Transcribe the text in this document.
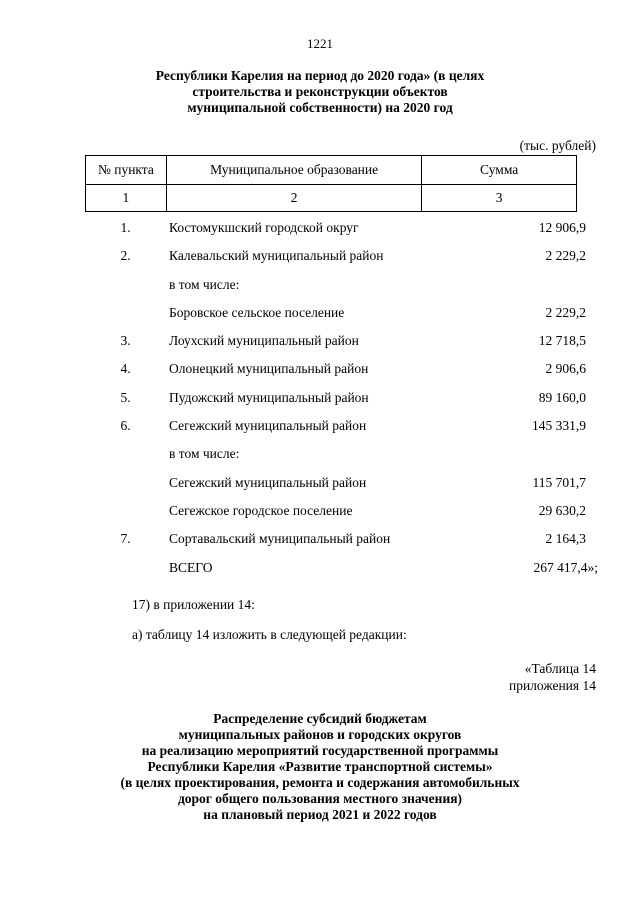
1221
Республики Карелия на период до 2020 года» (в целях
строительства и реконструкции объектов
муниципальной собственности) на 2020 год
(тыс. рублей)
№ пункта	Муниципальное образование	Сумма
1	2	3
1.	Костомукшский городской округ	12 906,9
2.	Калевальский муниципальный район	2 229,2
в том числе:
Боровское сельское поселение	2 229,2
3.	Лоухский муниципальный район	12 718,5
4.	Олонецкий муниципальный район	2 906,6
5.	Пудожский муниципальный район	89 160,0
6.	Сегежский муниципальный район	145 331,9
в том числе:
Сегежский муниципальный район	115 701,7
Сегежское городское поселение	29 630,2
7.	Сортавальский муниципальный район	2 164,3
ВСЕГО	267 417,4»;
17) в приложении 14:
а) таблицу 14 изложить в следующей редакции:
«Таблица 14
приложения 14
Распределение субсидий бюджетам
муниципальных районов и городских округов
на реализацию мероприятий государственной программы
Республики Карелия «Развитие транспортной системы»
(в целях проектирования, ремонта и содержания автомобильных
дорог общего пользования местного значения)
на плановый период 2021 и 2022 годов
